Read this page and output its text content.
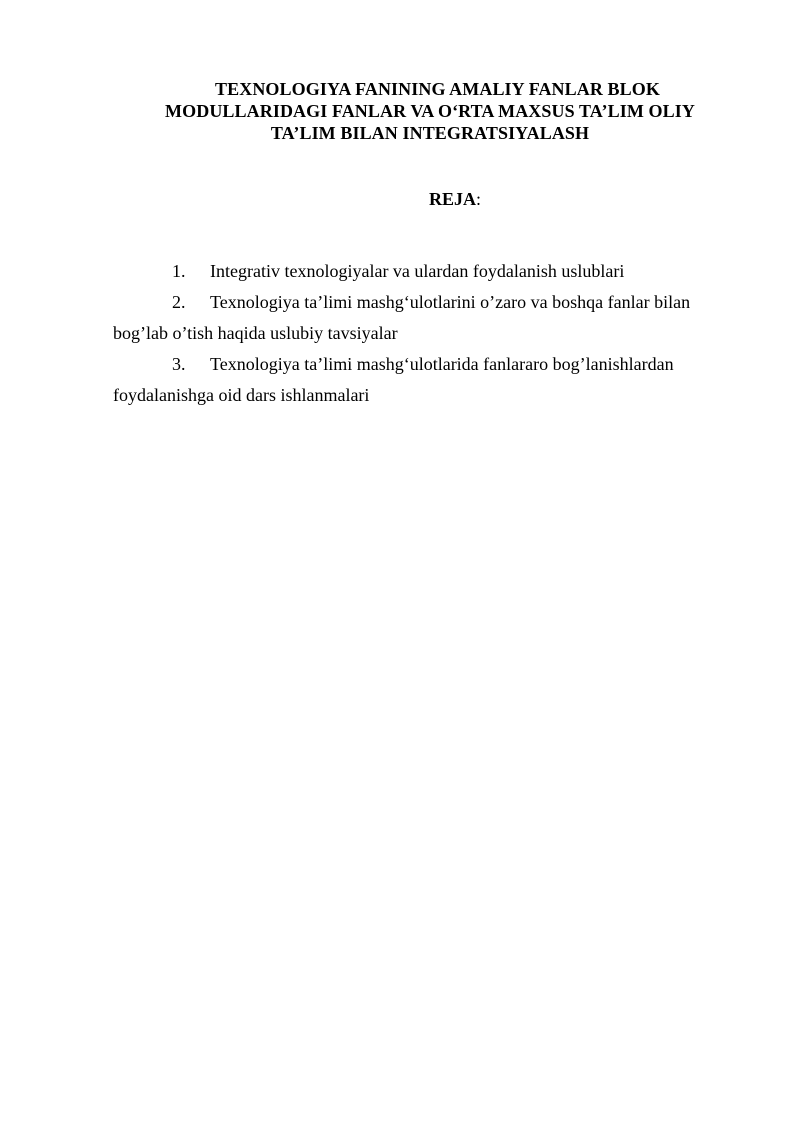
TEXNOLOGIYA FANINING AMALIY FANLAR BLOK
MODULLARIDAGI FANLAR VA O‘RTA MAXSUS TA’LIM OLIY
TA’LIM BILAN INTEGRATSIYALASH
REJA:
1. Integrativ texnologiyalar va ulardan foydalanish uslublari
2. Texnologiya ta’limi mashg‘ulotlarini o’zaro va boshqa fanlar bilan
bog’lab o’tish haqida uslubiy tavsiyalar
3. Texnologiya ta’limi mashg‘ulotlarida fanlararo bog’lanishlardan
foydalanishga oid dars ishlanmalari
